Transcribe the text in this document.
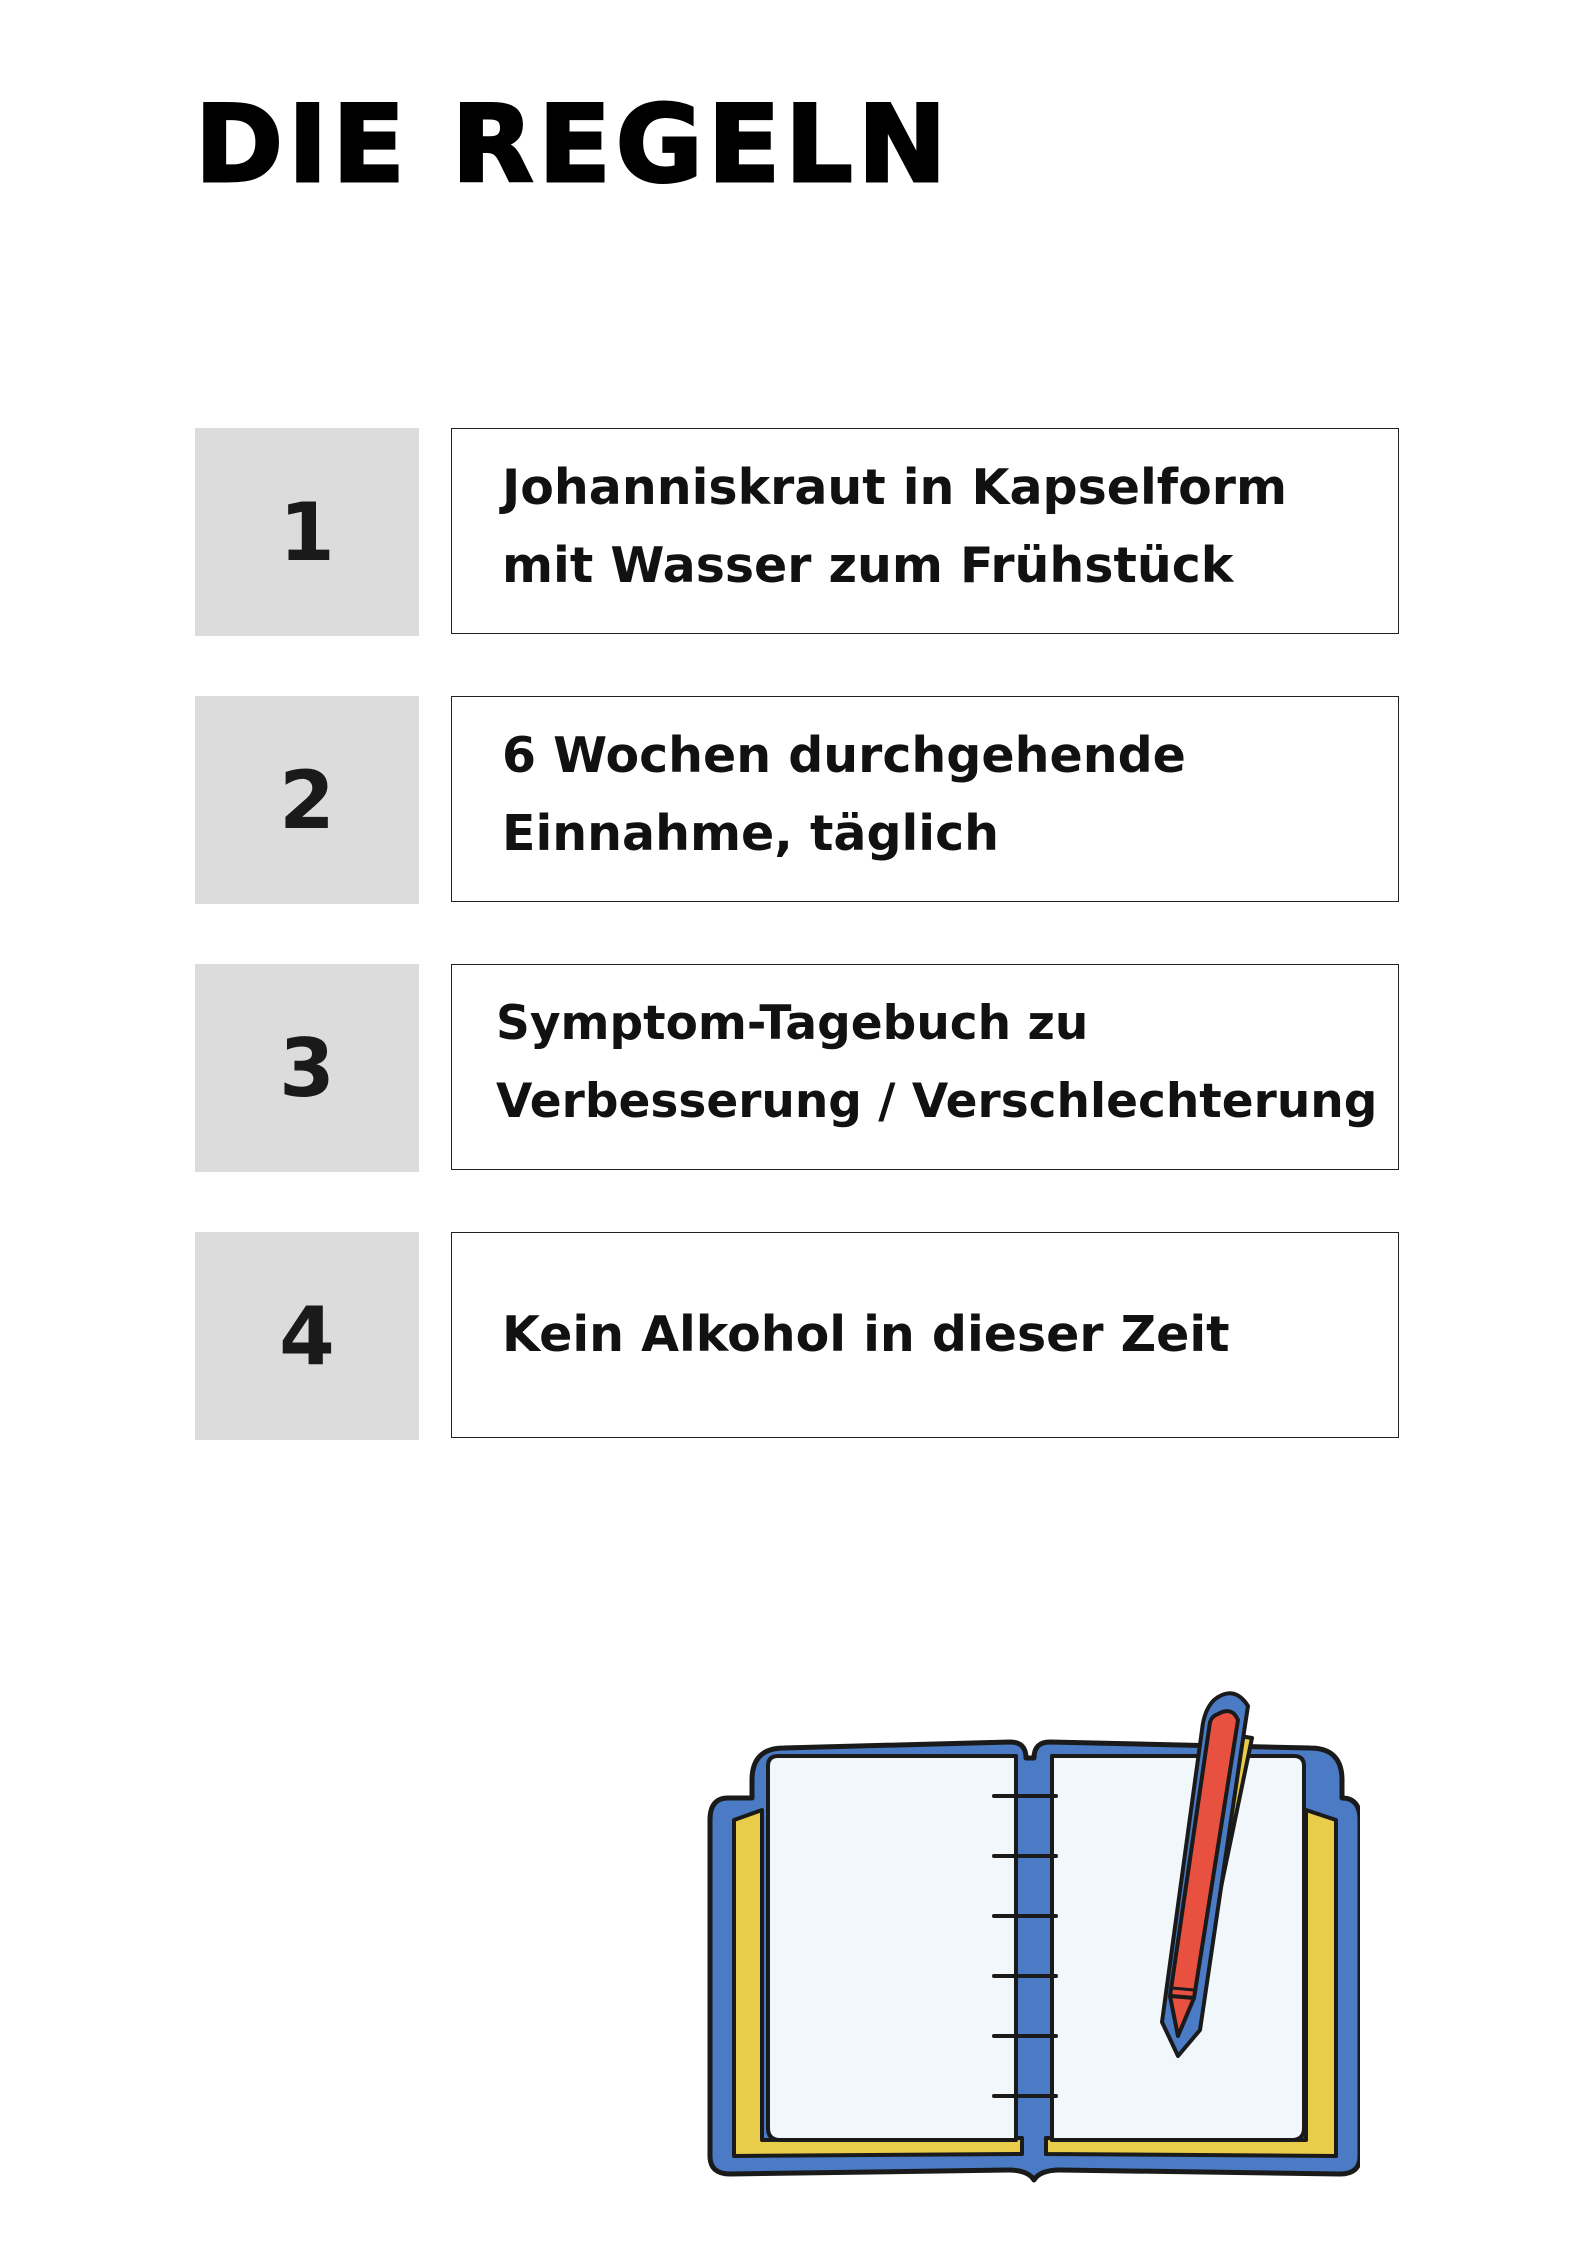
DIE REGELN
1	Johanniskraut in Kapselform
mit Wasser zum Frühstück
2	6 Wochen durchgehende
Einnahme, täglich
3	Symptom-Tagebuch zu
Verbesserung / Verschlechterung
4	Kein Alkohol in dieser Zeit
